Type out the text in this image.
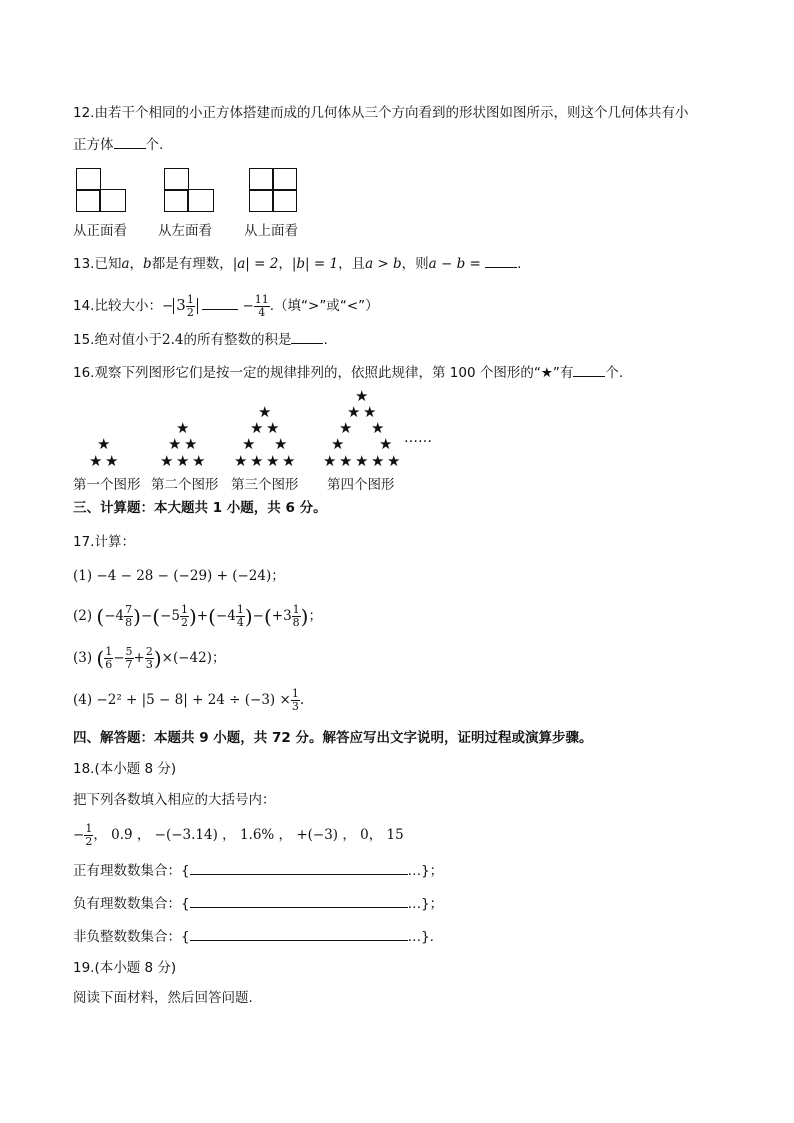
12.由若干个相同的小正方体搭建而成的几何体从三个方向看到的形状图如图所示，则这个几何体共有小
正方体 个.
从正面看 从左面看 从上面看
13.已知a，b都是有理数，|a| = 2，|b| = 1，且a > b，则a − b =	.
14.比较大小：− $3 \frac{1}{2}$	− $\frac{11}{4}$ .（填“>”或“<”）
15.绝对值小于2.4的所有整数的积是 .
16.观察下列图形它们是按一定的规律排列的，依照此规律，第 100 个图形的“★”有 个.
★
★ ★
★
★ ★
★ ★ ★
★
★ ★
★ ★
★ ★ ★ ★
★
★ ★
★ ★
★ ★
★ ★ ★ ★ ★
第一个图形 第二个图形 第三个图形 第四个图形
……
三、计算题：本大题共 1 小题，共 6 分。
17.计算：
(1) −4 − 28 − (−29) + (−24)；
(2) $(-4 \frac{7}{8} )-(-5 \frac{1}{2} )+(-4 \frac{1}{4} )-(+3 \frac{1}{8}$ )；
(3) ( $\frac{1}{6} - \frac{5}{7} + \frac{2}{3} )\times(-42)$；
$(4) -2^2 + |5 - 8| + 24 \div (-3) \times \frac{1}{3}$ .
四、解答题：本题共 9 小题，共 72 分。解答应写出文字说明，证明过程或演算步骤。
18.(本小题 8 分)
把下列各数填入相应的大括号内：
− $\frac{1}{2}$ ， 0.9̇ ， −(−3.14) ， 1.6% ， +(−3) ， 0， 15
正有理数数集合：{	…}；
负有理数数集合：{	…}；
非负整数数集合：{	…}.
19.(本小题 8 分)
阅读下面材料，然后回答问题.
